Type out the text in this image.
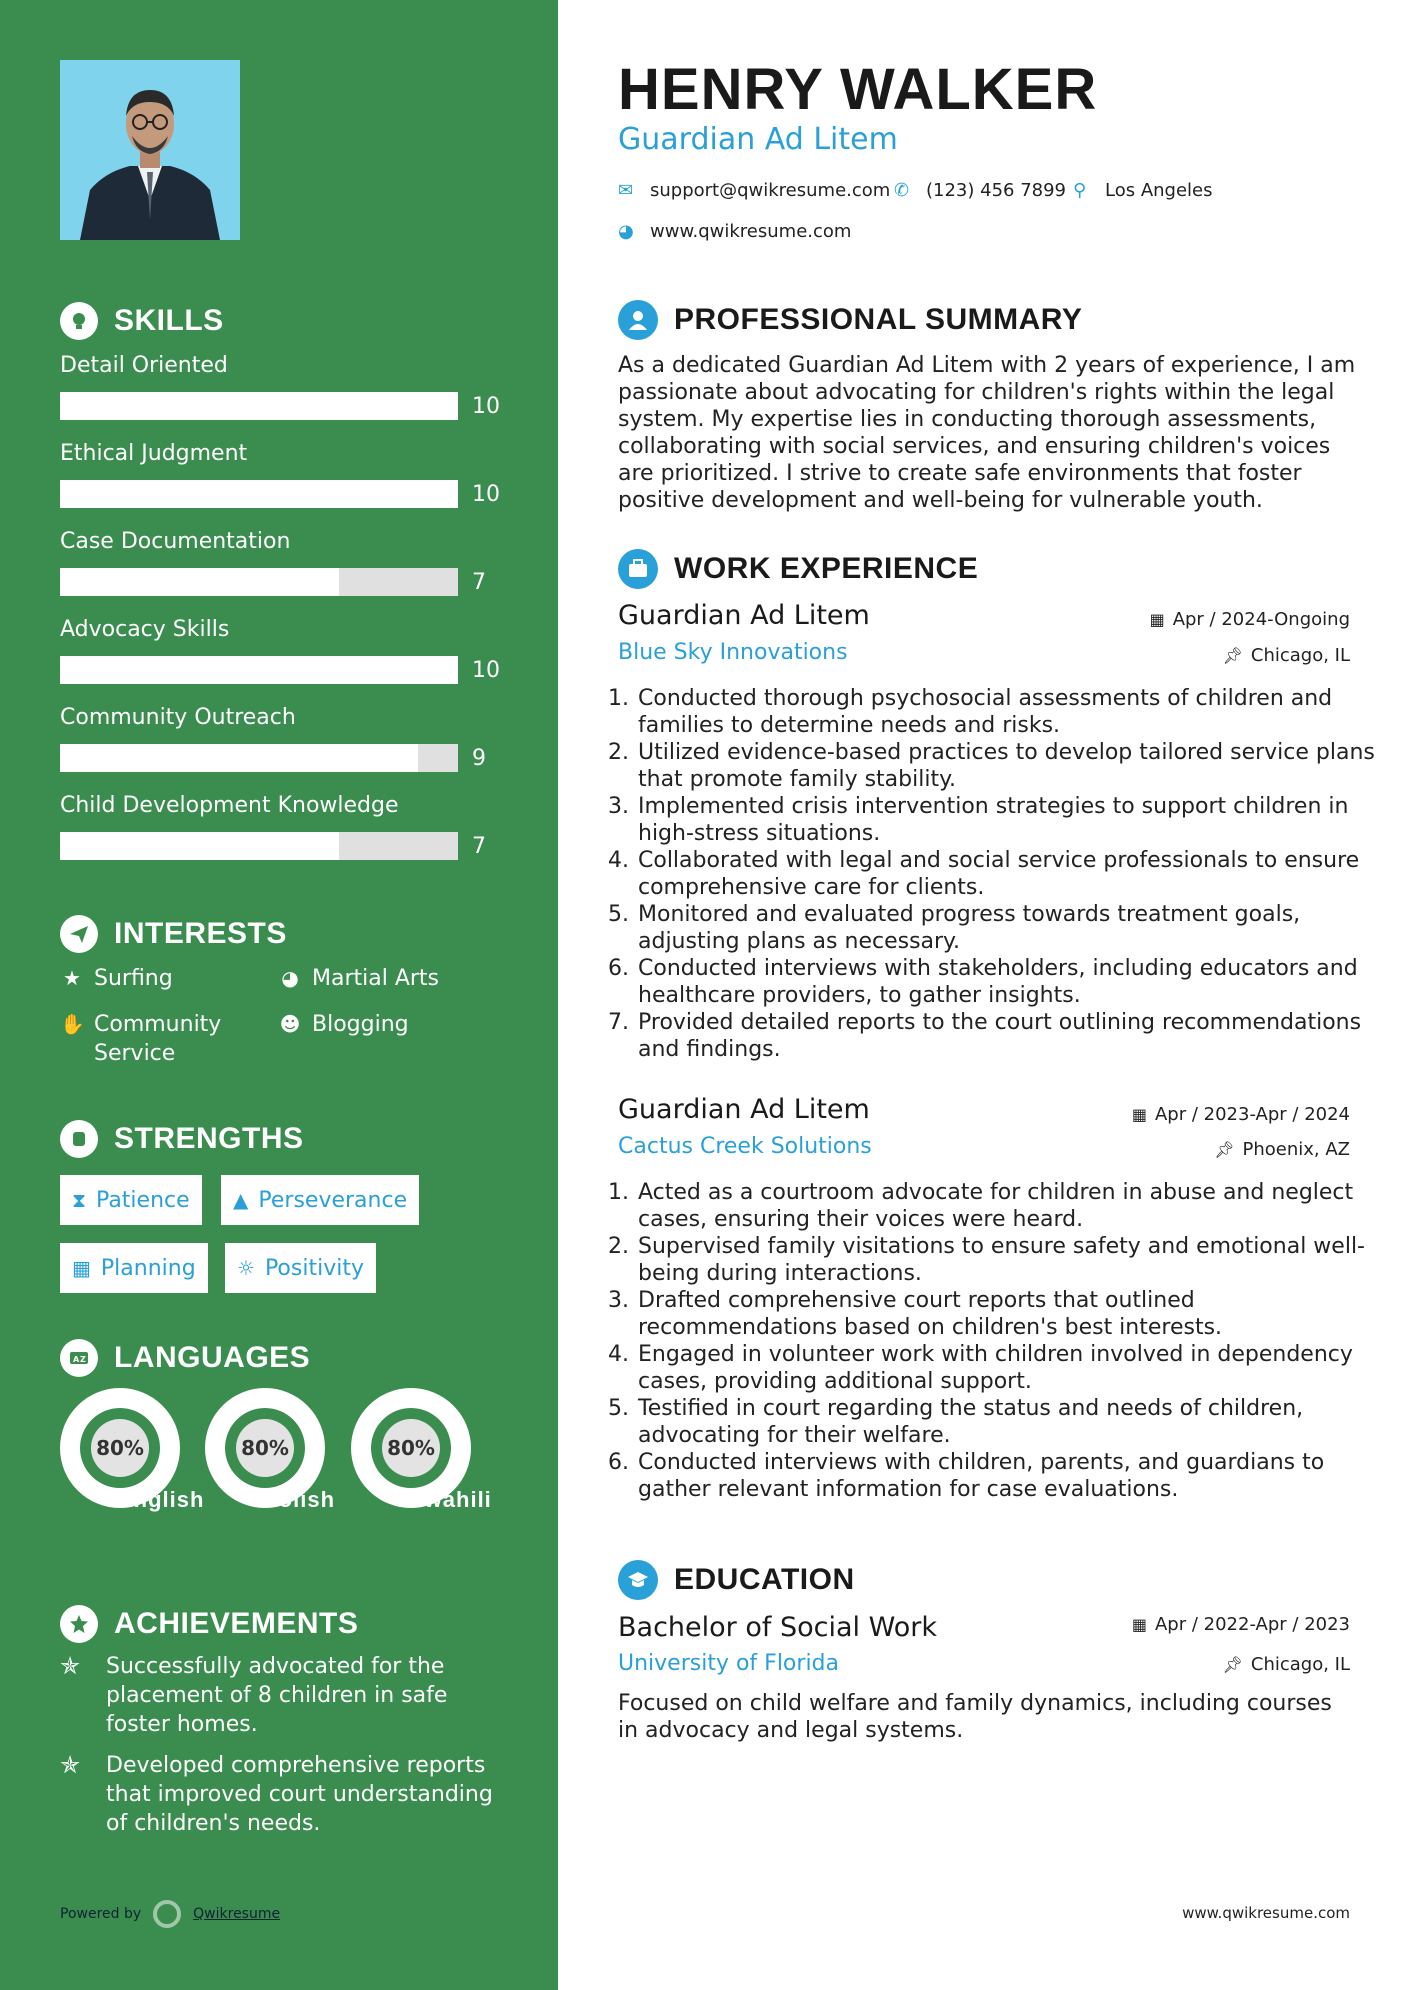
SKILLS
Detail Oriented
10
Ethical Judgment
10
Case Documentation
7
Advocacy Skills
10
Community Outreach
9
Child Development Knowledge
7
INTERESTS
★ Surfing	◕ Martial Arts
✋ Community Service
☻ Blogging
STRENGTHS
⧗ Patience ▲ Perseverance
▦ Planning ☼ Positivity
A Z LANGUAGES
80%
English
80%
Polish
80%
Swahili
ACHIEVEMENTS
✯	Successfully advocated for the placement of 8 children in safe foster homes.
✯	Developed comprehensive reports that improved court understanding of children's needs.
Powered by	Qwikresume
HENRY WALKER
Guardian Ad Litem
✉ support@qwikresume.com ✆ (123) 456 7899 ⚲	Los Angeles
◕ www.qwikresume.com
PROFESSIONAL SUMMARY
As a dedicated Guardian Ad Litem with 2 years of experience, I am passionate about advocating for children's rights within the legal system. My expertise lies in conducting thorough assessments, collaborating with social services, and ensuring children's voices are prioritized. I strive to create safe environments that foster positive development and well-being for vulnerable youth.
WORK EXPERIENCE
Guardian Ad Litem	▦ Apr / 2024-Ongoing
Blue Sky Innovations	📌︎ Chicago, IL
1. Conducted thorough psychosocial assessments of children and families to determine needs and risks.
2. Utilized evidence-based practices to develop tailored service plans that promote family stability.
3. Implemented crisis intervention strategies to support children in high-stress situations.
4. Collaborated with legal and social service professionals to ensure comprehensive care for clients.
5. Monitored and evaluated progress towards treatment goals, adjusting plans as necessary.
6. Conducted interviews with stakeholders, including educators and healthcare providers, to gather insights.
7. Provided detailed reports to the court outlining recommendations and findings.
Guardian Ad Litem	▦ Apr / 2023-Apr / 2024
Cactus Creek Solutions	📌︎ Phoenix, AZ
1. Acted as a courtroom advocate for children in abuse and neglect cases, ensuring their voices were heard.
2. Supervised family visitations to ensure safety and emotional well-being during interactions.
3. Drafted comprehensive court reports that outlined recommendations based on children's best interests.
4. Engaged in volunteer work with children involved in dependency cases, providing additional support.
5. Testified in court regarding the status and needs of children, advocating for their welfare.
6. Conducted interviews with children, parents, and guardians to gather relevant information for case evaluations.
EDUCATION
Bachelor of Social Work	▦ Apr / 2022-Apr / 2023
University of Florida	📌︎ Chicago, IL
Focused on child welfare and family dynamics, including courses in advocacy and legal systems.
www.qwikresume.com
